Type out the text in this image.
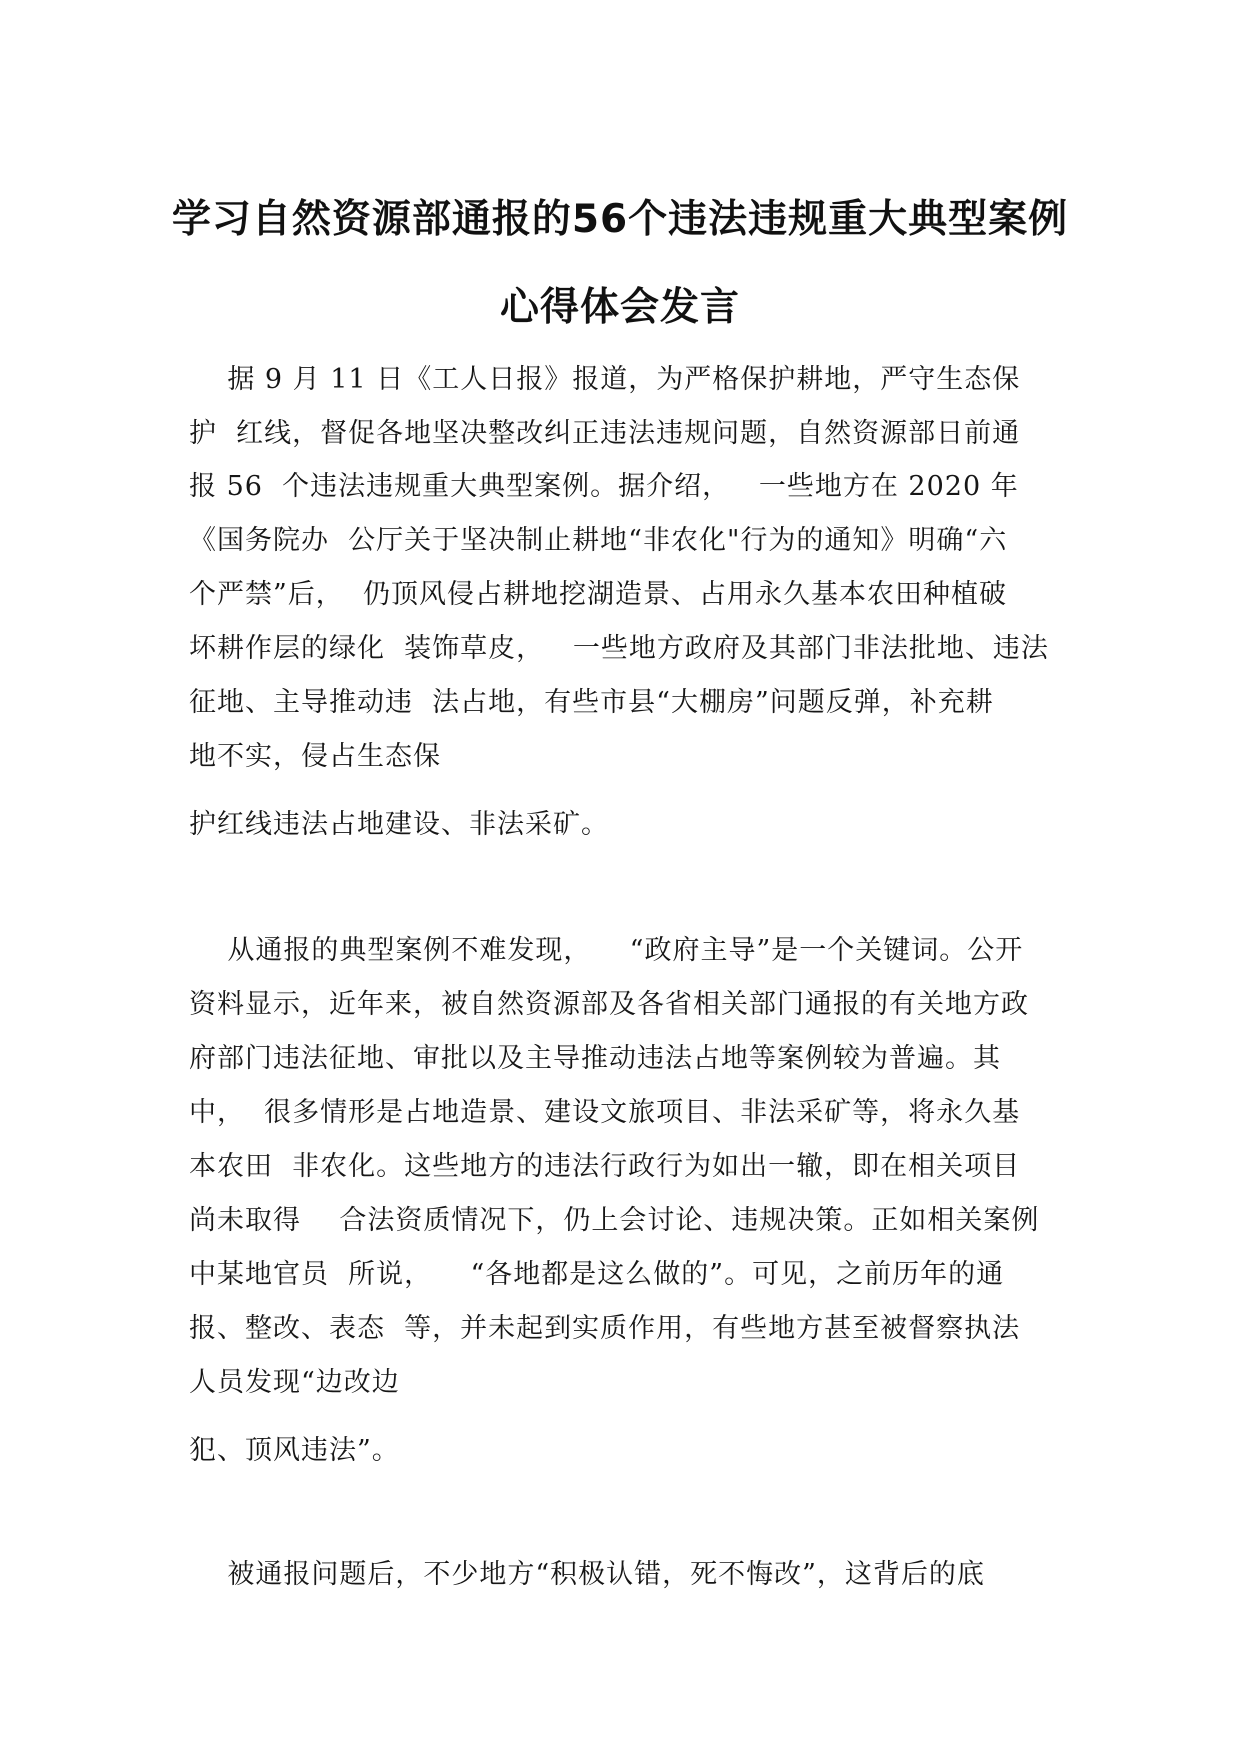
学习自然资源部通报的56个违法违规重大典型案例
心得体会发言

据 9 月 11 日《工人日报》报道，为严格保护耕地，严守生态保

护  红线，督促各地坚决整改纠正违法违规问题，自然资源部日前通

报 56  个违法违规重大典型案例。据介绍，   一些地方在 2020 年

《国务院办  公厅关于坚决制止耕地“非农化"行为的通知》明确“六

个严禁”后，  仍顶风侵占耕地挖湖造景、占用永久基本农田种植破

坏耕作层的绿化  装饰草皮，   一些地方政府及其部门非法批地、违法

征地、主导推动违  法占地，有些市县“大棚房”问题反弹，补充耕

地不实，侵占生态保

护红线违法占地建设、非法采矿。

从通报的典型案例不难发现，    “政府主导”是一个关键词。公开

资料显示，近年来，被自然资源部及各省相关部门通报的有关地方政

府部门违法征地、审批以及主导推动违法占地等案例较为普遍。其

中，  很多情形是占地造景、建设文旅项目、非法采矿等，将永久基

本农田  非农化。这些地方的违法行政行为如出一辙，即在相关项目

尚未取得    合法资质情况下，仍上会讨论、违规决策。正如相关案例

中某地官员  所说，    “各地都是这么做的”。可见，之前历年的通

报、整改、表态  等，并未起到实质作用，有些地方甚至被督察执法

人员发现“边改边

犯、顶风违法”。

被通报问题后，不少地方“积极认错，死不悔改”，这背后的底
